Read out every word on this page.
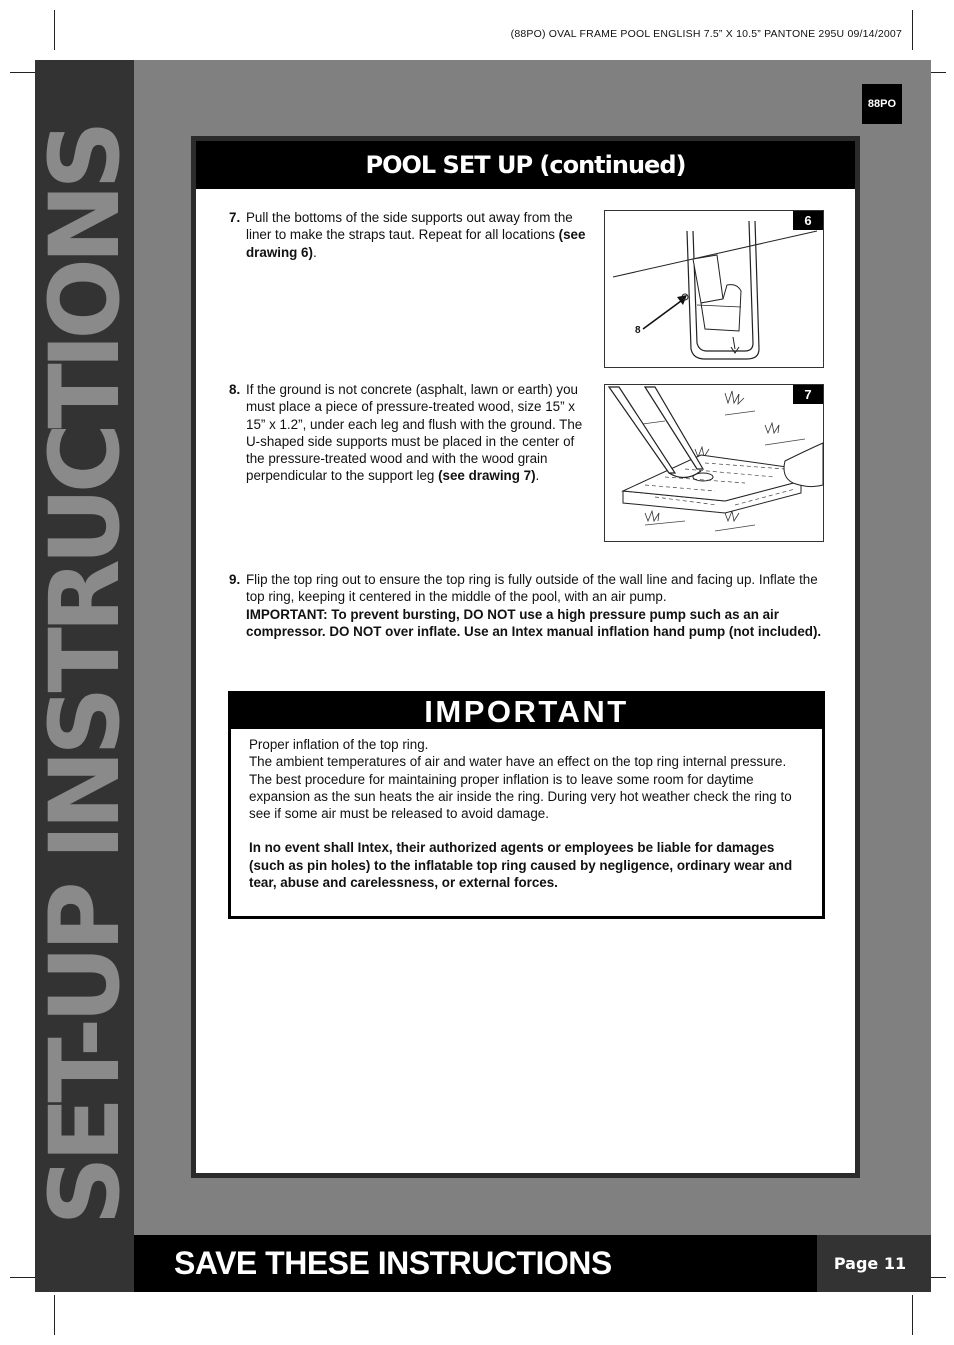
(88PO) OVAL FRAME POOL ENGLISH 7.5” X 10.5” PANTONE 295U 09/14/2007
SET-UP INSTRUCTIONS
88PO
POOL SET UP (continued)
7. Pull the bottoms of the side supports out away from the liner to make the straps taut. Repeat for all locations (see drawing 6).
8
6
8. If the ground is not concrete (asphalt, lawn or earth) you must place a piece of pressure-treated wood, size 15” x 15” x 1.2”, under each leg and flush with the ground. The U-shaped side supports must be placed in the center of the pressure-treated wood and with the wood grain perpendicular to the support leg (see drawing 7).
7
9. Flip the top ring out to ensure the top ring is fully outside of the wall line and facing up. Inflate the top ring, keeping it centered in the middle of the pool, with an air pump.
IMPORTANT: To prevent bursting, DO NOT use a high pressure pump such as an air compressor. DO NOT over inflate. Use an Intex manual inflation hand pump (not included).
IMPORTANT
Proper inflation of the top ring.
The ambient temperatures of air and water have an effect on the top ring internal pressure.
The best procedure for maintaining proper inflation is to leave some room for daytime expansion as the sun heats the air inside the ring. During very hot weather check the ring to see if some air must be released to avoid damage.
In no event shall Intex, their authorized agents or employees be liable for damages (such as pin holes) to the inflatable top ring caused by negligence, ordinary wear and tear, abuse and carelessness, or external forces.
SAVE THESE INSTRUCTIONS	Page 11
